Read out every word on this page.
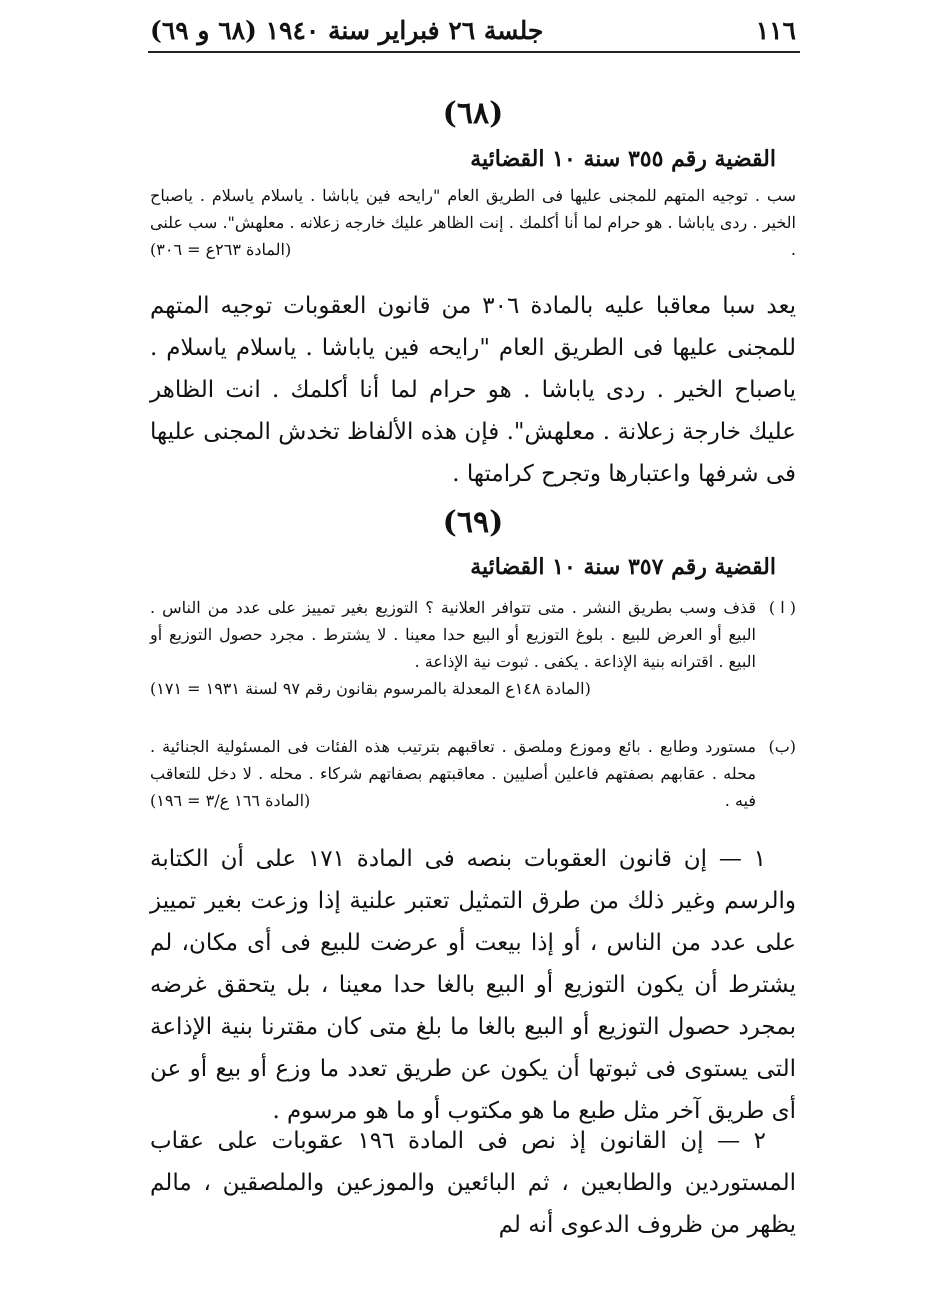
١١٦
جلسة ٢٦ فبراير سنة ١٩٤٠ (٦٨ و ٦٩)
(٦٨)
القضية رقم ٣٥٥ سنة ١٠ القضائية

سب . توجيه المتهم للمجنى عليها فى الطريق العام "رايحه فين ياباشا . ياسلام ياسلام . ياصباح الخير . ردى ياباشا . هو حرام لما أنا أكلمك . إنت الظاهر عليك خارجه زعلانه . معلهش". سب علنى .

(المادة ٢٦٣ع = ٣٠٦)

يعد سبا معاقبا عليه بالمادة ٣٠٦ من قانون العقوبات توجيه المتهم للمجنى عليها فى الطريق العام "رايحه فين ياباشا . ياسلام ياسلام . ياصباح الخير . ردى ياباشا . هو حرام لما أنا أكلمك . انت الظاهر عليك خارجة زعلانة . معلهش". فإن هذه الألفاظ تخدش المجنى عليها فى شرفها واعتبارها وتجرح كرامتها .

(٦٩)
القضية رقم ٣٥٧ سنة ١٠ القضائية
( ا )

قذف وسب بطريق النشر . متى تتوافر العلانية ؟ التوزيع بغير تمييز على عدد من الناس . البيع أو العرض للبيع . بلوغ التوزيع أو البيع حدا معينا . لا يشترط . مجرد حصول التوزيع أو البيع . اقترانه بنية الإذاعة . يكفى . ثبوت نية الإذاعة .

(المادة ١٤٨ع المعدلة بالمرسوم بقانون رقم ٩٧ لسنة ١٩٣١ = ١٧١)
(ب)

مستورد وطابع . بائع وموزع وملصق . تعاقبهم بترتيب هذه الفئات فى المسئولية الجنائية . محله . عقابهم بصفتهم فاعلين أصليين . معاقبتهم بصفاتهم شركاء . محله . لا دخل للتعاقب فيه .

(المادة ١٦٦ ع/٣ = ١٩٦)

١ — إن قانون العقوبات بنصه فى المادة ١٧١ على أن الكتابة والرسم وغير ذلك من طرق التمثيل تعتبر علنية إذا وزعت بغير تمييز على عدد من الناس ، أو إذا بيعت أو عرضت للبيع فى أى مكان، لم يشترط أن يكون التوزيع أو البيع بالغا حدا معينا ، بل يتحقق غرضه بمجرد حصول التوزيع أو البيع بالغا ما بلغ متى كان مقترنا بنية الإذاعة التى يستوى فى ثبوتها أن يكون عن طريق تعدد ما وزع أو بيع أو عن أى طريق آخر مثل طبع ما هو مكتوب أو ما هو مرسوم .

٢ — إن القانون إذ نص فى المادة ١٩٦ عقوبات على عقاب المستوردين والطابعين ، ثم البائعين والموزعين والملصقين ، مالم يظهر من ظروف الدعوى أنه لم
